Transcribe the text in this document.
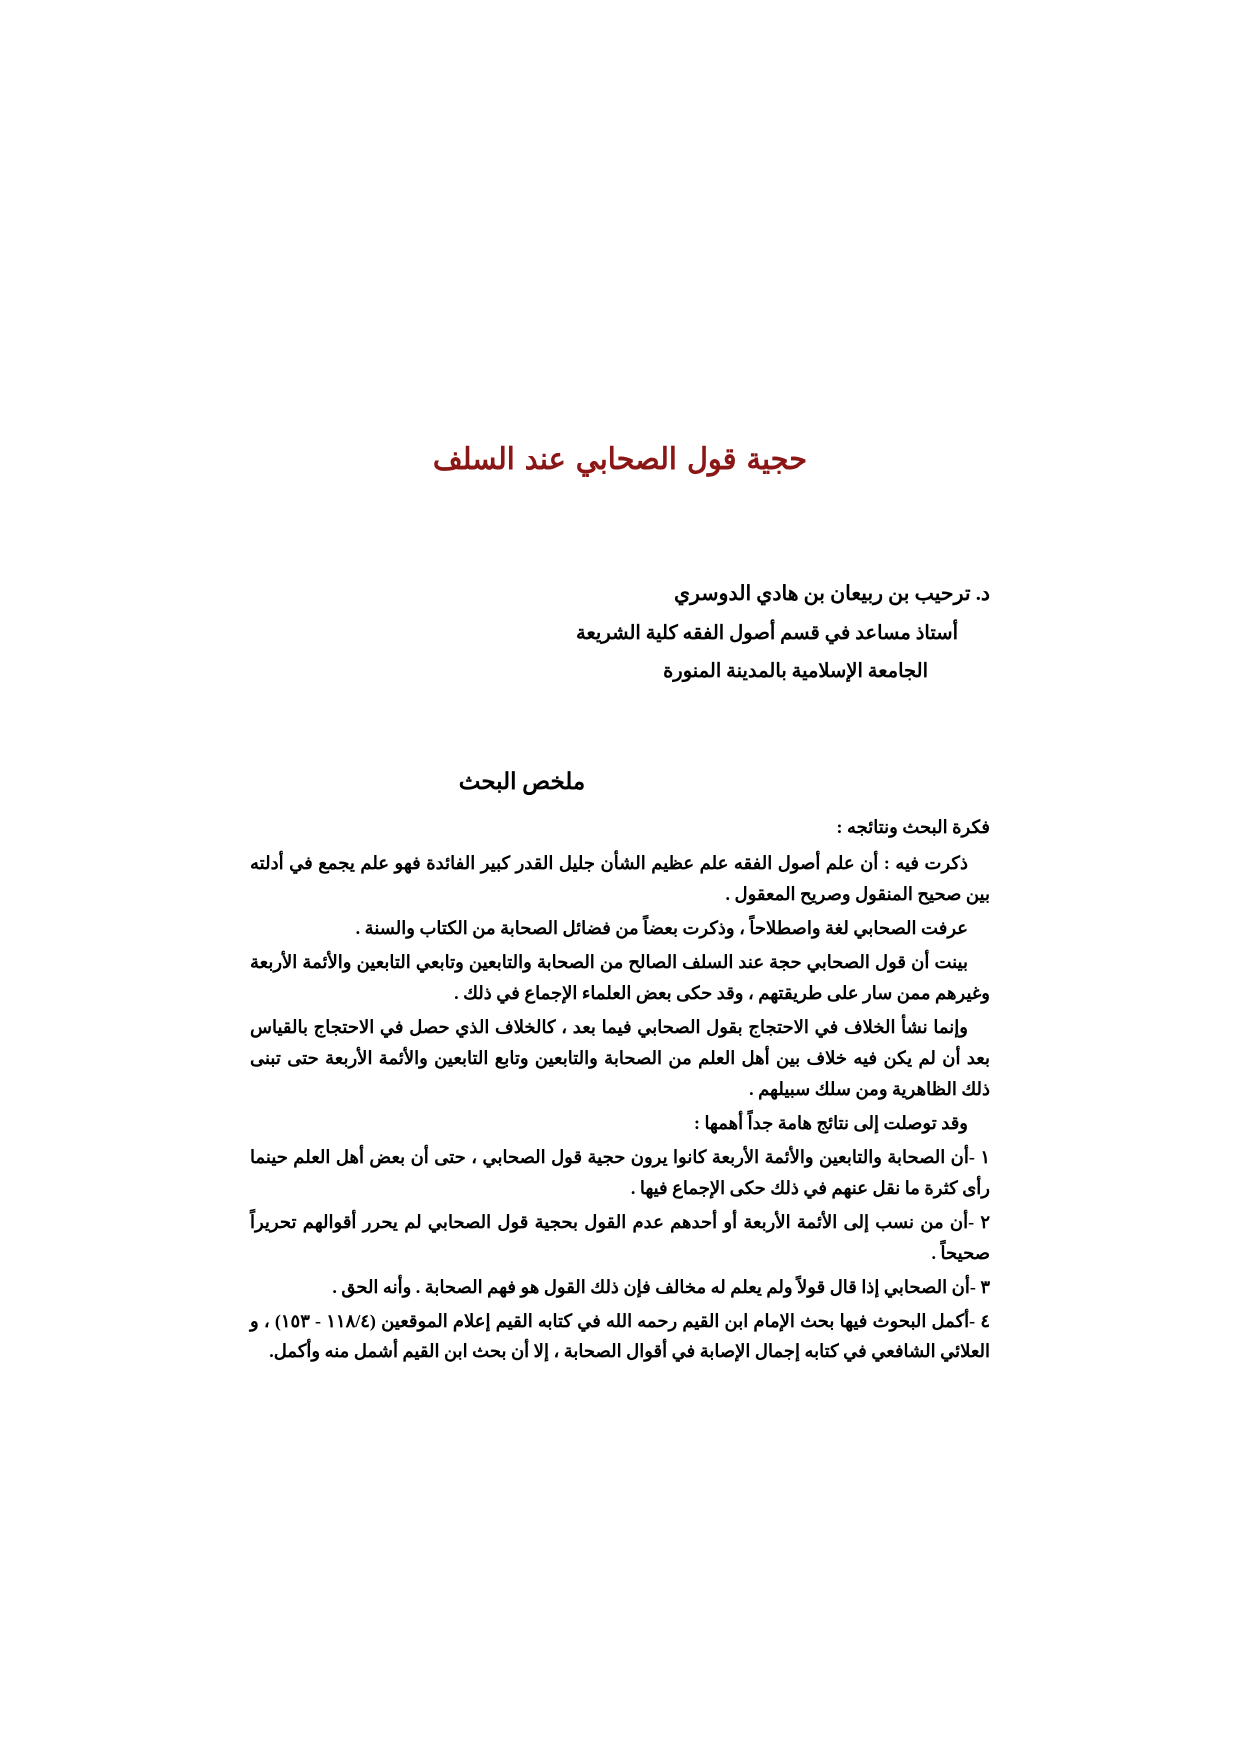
حجية قول الصحابي عند السلف

د. ترحيب بن ربيعان بن هادي الدوسري

أستاذ مساعد في قسم أصول الفقه كلية الشريعة

الجامعة الإسلامية بالمدينة المنورة

ملخص البحث

فكرة البحث ونتائجه :

ذكرت فيه : أن علم أصول الفقه علم عظيم الشأن جليل القدر كبير الفائدة فهو علم يجمع في أدلته بين صحيح المنقول وصريح المعقول .

عرفت الصحابي لغة واصطلاحاً ، وذكرت بعضاً من فضائل الصحابة من الكتاب والسنة .

بينت أن قول الصحابي حجة عند السلف الصالح من الصحابة والتابعين وتابعي التابعين والأئمة الأربعة وغيرهم ممن سار على طريقتهم ، وقد حكى بعض العلماء الإجماع في ذلك .

وإنما نشأ الخلاف في الاحتجاج بقول الصحابي فيما بعد ، كالخلاف الذي حصل في الاحتجاج بالقياس بعد أن لم يكن فيه خلاف بين أهل العلم من الصحابة والتابعين وتابع التابعين والأئمة الأربعة حتى تبنى ذلك الظاهرية ومن سلك سبيلهم .

وقد توصلت إلى نتائج هامة جداً أهمها :

١ -أن الصحابة والتابعين والأئمة الأربعة كانوا يرون حجية قول الصحابي ، حتى أن بعض أهل العلم حينما رأى كثرة ما نقل عنهم في ذلك حكى الإجماع فيها .

٢ -أن من نسب إلى الأئمة الأربعة أو أحدهم عدم القول بحجية قول الصحابي لم يحرر أقوالهم تحريراً صحيحاً .

٣ -أن الصحابي إذا قال قولاً ولم يعلم له مخالف فإن ذلك القول هو فهم الصحابة . وأنه الحق .

٤ -أكمل البحوث فيها بحث الإمام ابن القيم رحمه الله في كتابه القيم إعلام الموقعين (١١٨/٤ - ١٥٣) ، و العلائي الشافعي في كتابه إجمال الإصابة في أقوال الصحابة ، إلا أن بحث ابن القيم أشمل منه وأكمل.
